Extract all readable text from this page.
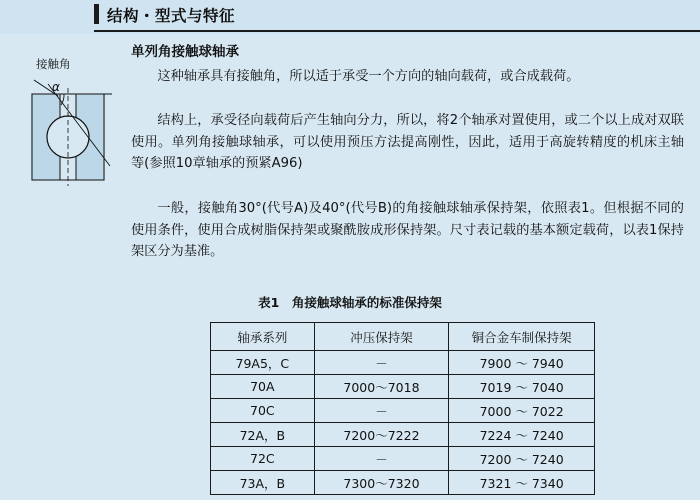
结构・型式与特征
单列角接触球轴承
接触角
α
这种轴承具有接触角，所以适于承受一个方向的轴向载荷，或合成载荷。
结构上，承受径向载荷后产生轴向分力，所以，将2个轴承对置使用，或二个以上成对双联使用。单列角接触球轴承，可以使用预压方法提高刚性，因此，适用于高旋转精度的机床主轴等(参照10章轴承的预紧A96)
一般，接触角30°(代号A)及40°(代号B)的角接触球轴承保持架，依照表1。但根据不同的使用条件，使用合成树脂保持架或聚酰胺成形保持架。尺寸表记载的基本额定载荷，以表1保持架区分为基准。
表1　角接触球轴承的标准保持架
轴承系列	冲压保持架	铜合金车制保持架
79A5，C	－	7900 ～ 7940
70A	7000～7018	7019 ～ 7040
70C	－	7000 ～ 7022
72A，B	7200～7222	7224 ～ 7240
72C	－	7200 ～ 7240
73A，B	7300～7320	7321 ～ 7340
